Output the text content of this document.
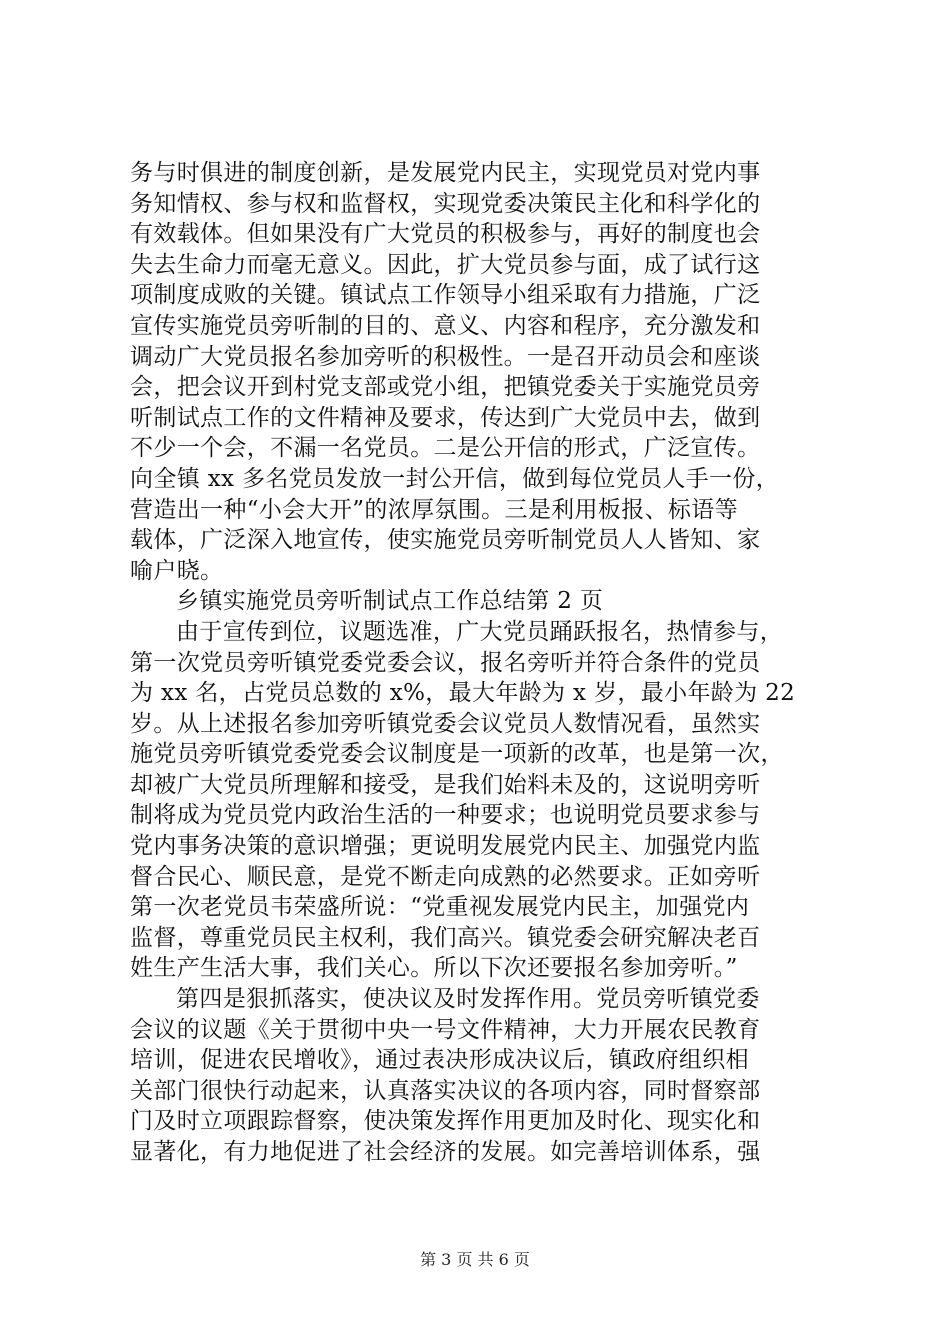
务与时俱进的制度创新，是发展党内民主，实现党员对党内事
务知情权、参与权和监督权，实现党委决策民主化和科学化的
有效载体。但如果没有广大党员的积极参与，再好的制度也会
失去生命力而毫无意义。因此，扩大党员参与面，成了试行这
项制度成败的关键。镇试点工作领导小组采取有力措施，广泛
宣传实施党员旁听制的目的、意义、内容和程序，充分激发和
调动广大党员报名参加旁听的积极性。一是召开动员会和座谈
会，把会议开到村党支部或党小组，把镇党委关于实施党员旁
听制试点工作的文件精神及要求，传达到广大党员中去，做到
不少一个会，不漏一名党员。二是公开信的形式，广泛宣传。
向全镇 xx 多名党员发放一封公开信，做到每位党员人手一份，
营造出一种“小会大开”的浓厚氛围。三是利用板报、标语等
载体，广泛深入地宣传，使实施党员旁听制党员人人皆知、家
喻户晓。
乡镇实施党员旁听制试点工作总结第 2 页
由于宣传到位，议题选准，广大党员踊跃报名，热情参与，
第一次党员旁听镇党委党委会议，报名旁听并符合条件的党员
为 xx 名，占党员总数的 x%，最大年龄为 x 岁，最小年龄为 22
岁。从上述报名参加旁听镇党委会议党员人数情况看，虽然实
施党员旁听镇党委党委会议制度是一项新的改革，也是第一次，
却被广大党员所理解和接受，是我们始料未及的，这说明旁听
制将成为党员党内政治生活的一种要求；也说明党员要求参与
党内事务决策的意识增强；更说明发展党内民主、加强党内监
督合民心、顺民意，是党不断走向成熟的必然要求。正如旁听
第一次老党员韦荣盛所说：“党重视发展党内民主，加强党内
监督，尊重党员民主权利，我们高兴。镇党委会研究解决老百
姓生产生活大事，我们关心。所以下次还要报名参加旁听。”
第四是狠抓落实，使决议及时发挥作用。党员旁听镇党委
会议的议题《关于贯彻中央一号文件精神，大力开展农民教育
培训，促进农民增收》，通过表决形成决议后，镇政府组织相
关部门很快行动起来，认真落实决议的各项内容，同时督察部
门及时立项跟踪督察，使决策发挥作用更加及时化、现实化和
显著化，有力地促进了社会经济的发展。如完善培训体系，强
第 3 页 共 6 页
